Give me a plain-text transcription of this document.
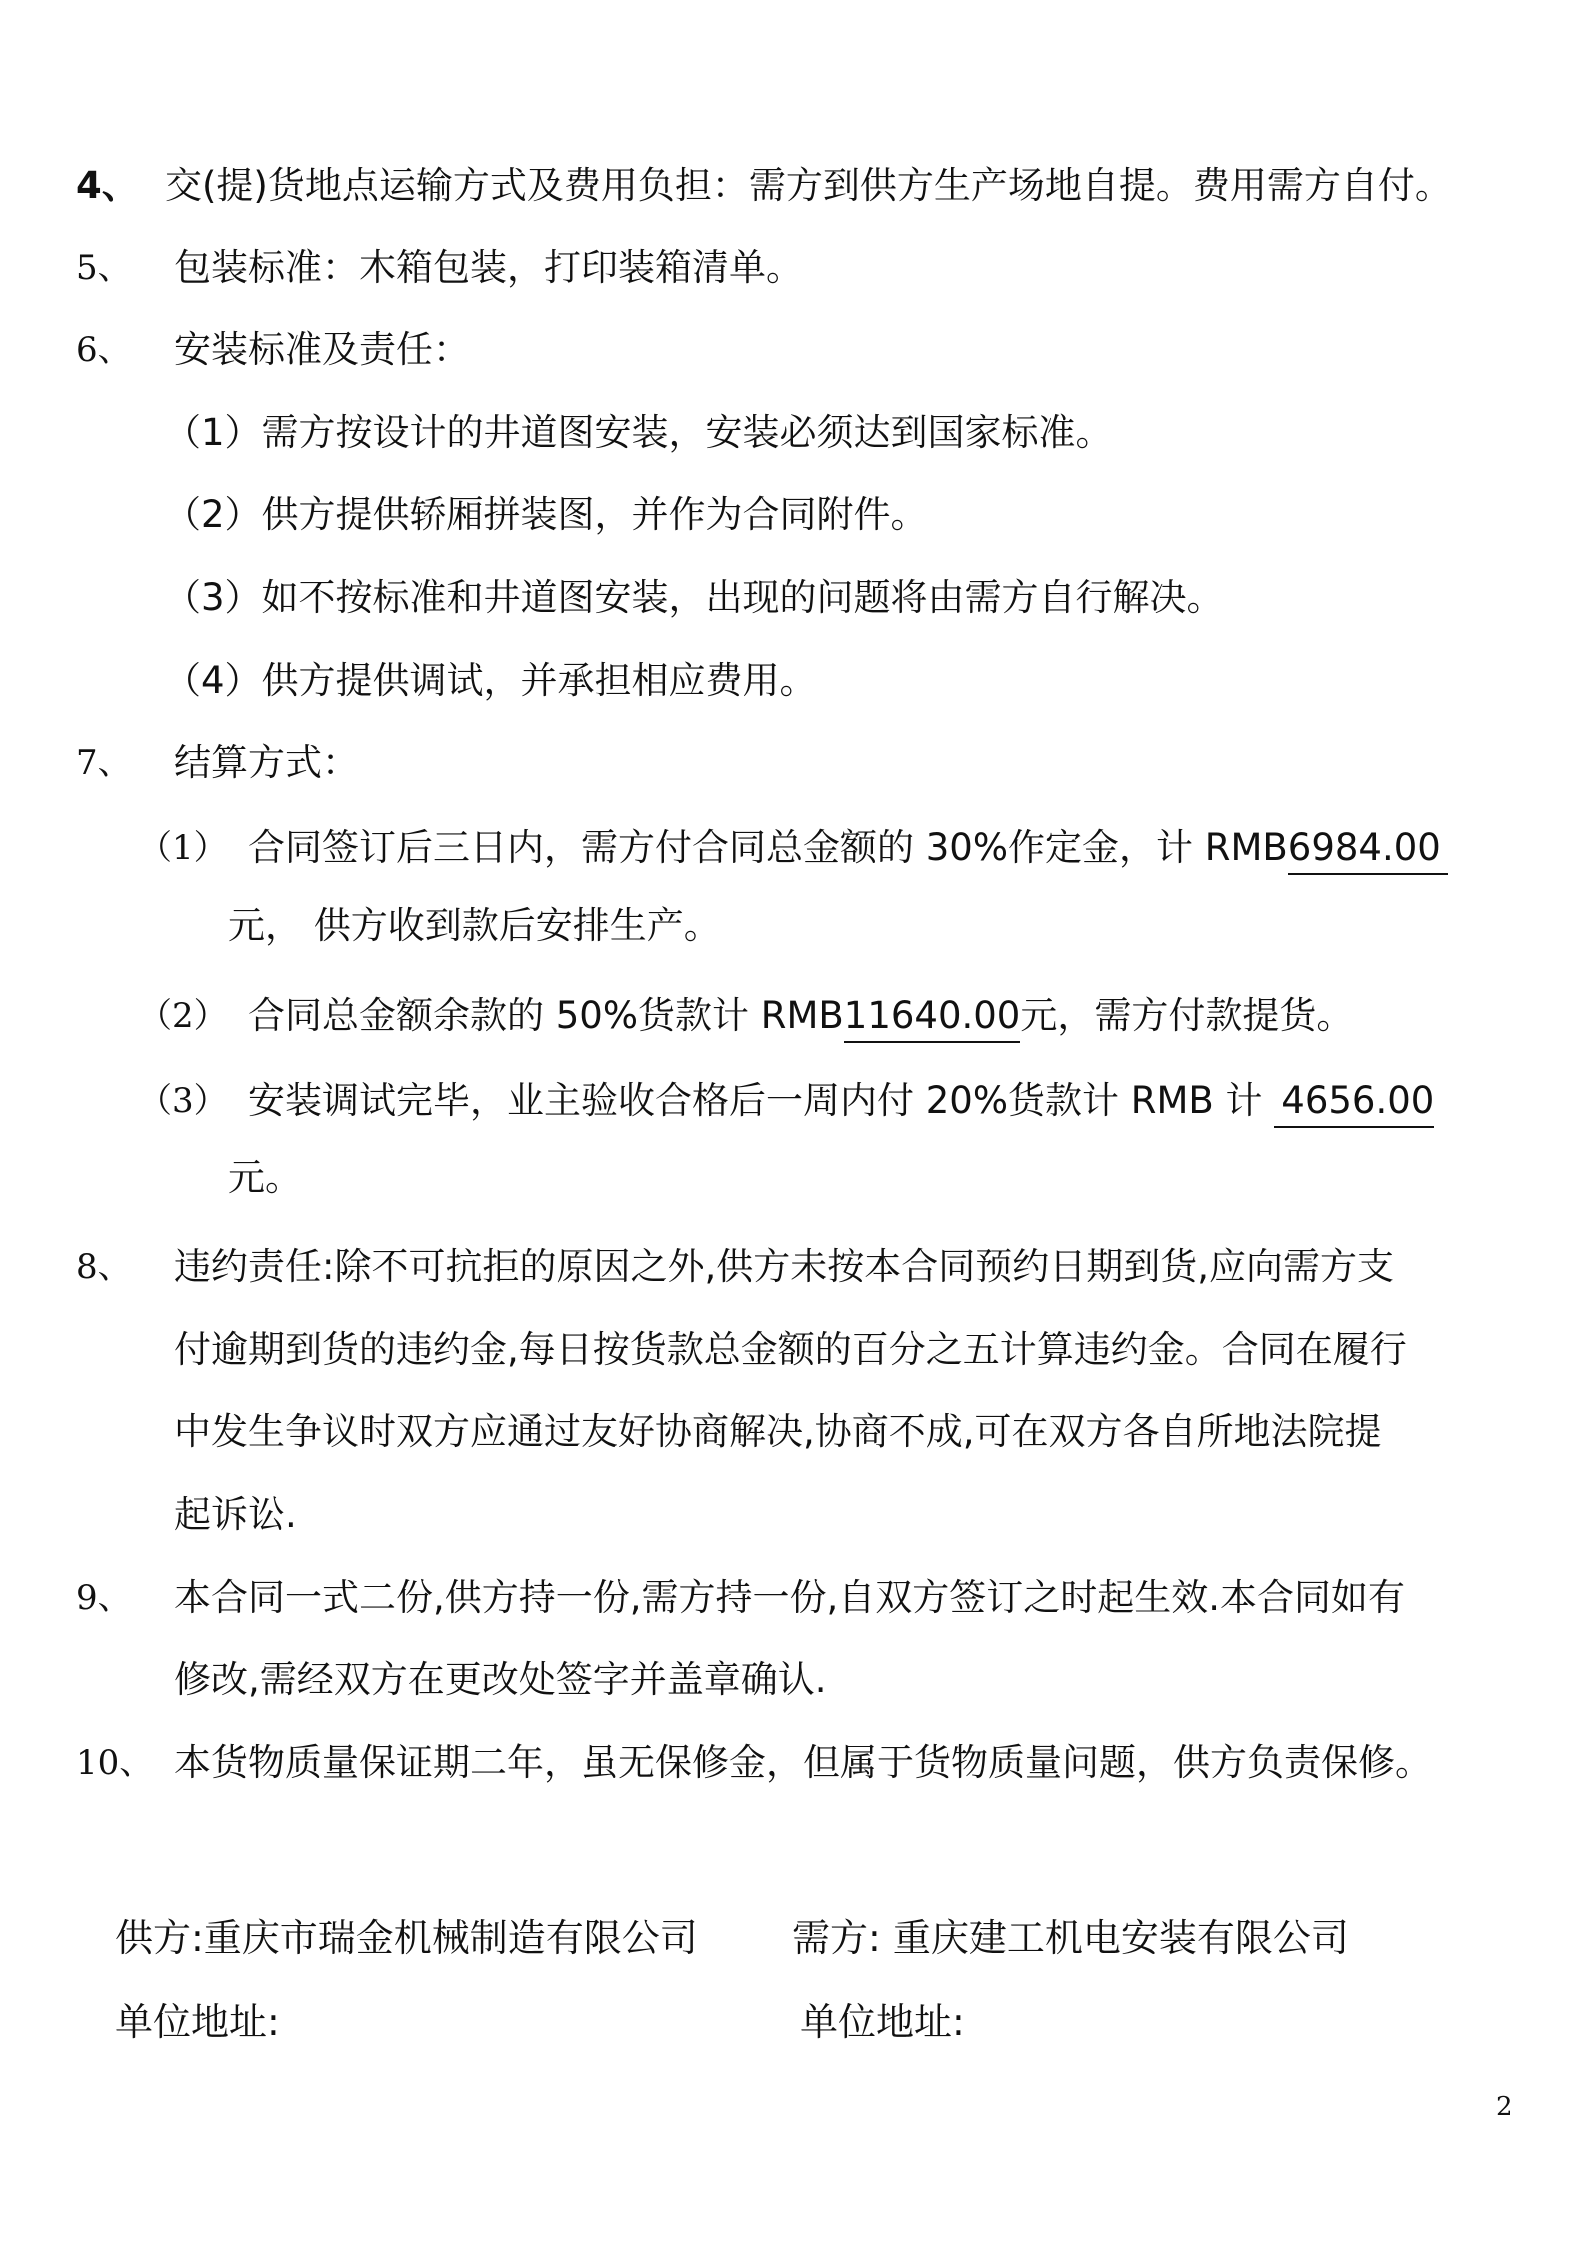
4、 交(提)货地点运输方式及费用负担：需方到供方生产场地自提。费用需方自付。
5、 包装标准：木箱包装，打印装箱清单。
6、 安装标准及责任：
（1）需方按设计的井道图安装，安装必须达到国家标准。
（2）供方提供轿厢拼装图，并作为合同附件。
（3）如不按标准和井道图安装，出现的问题将由需方自行解决。
（4）供方提供调试，并承担相应费用。
7、 结算方式：
（1） 合同签订后三日内，需方付合同总金额的 30%作定金，计 RMB6984.00
元， 供方收到款后安排生产。
（2） 合同总金额余款的 50%货款计 RMB11640.00元，需方付款提货。
（3） 安装调试完毕，业主验收合格后一周内付 20%货款计 RMB 计 4656.00
元。
8、 违约责任:除不可抗拒的原因之外,供方未按本合同预约日期到货,应向需方支
付逾期到货的违约金,每日按货款总金额的百分之五计算违约金。合同在履行
中发生争议时双方应通过友好协商解决,协商不成,可在双方各自所地法院提
起诉讼.
9、 本合同一式二份,供方持一份,需方持一份,自双方签订之时起生效.本合同如有
修改,需经双方在更改处签字并盖章确认.
10、 本货物质量保证期二年，虽无保修金，但属于货物质量问题，供方负责保修。
供方:重庆市瑞金机械制造有限公司 需方: 重庆建工机电安装有限公司
单位地址:	单位地址:
2
